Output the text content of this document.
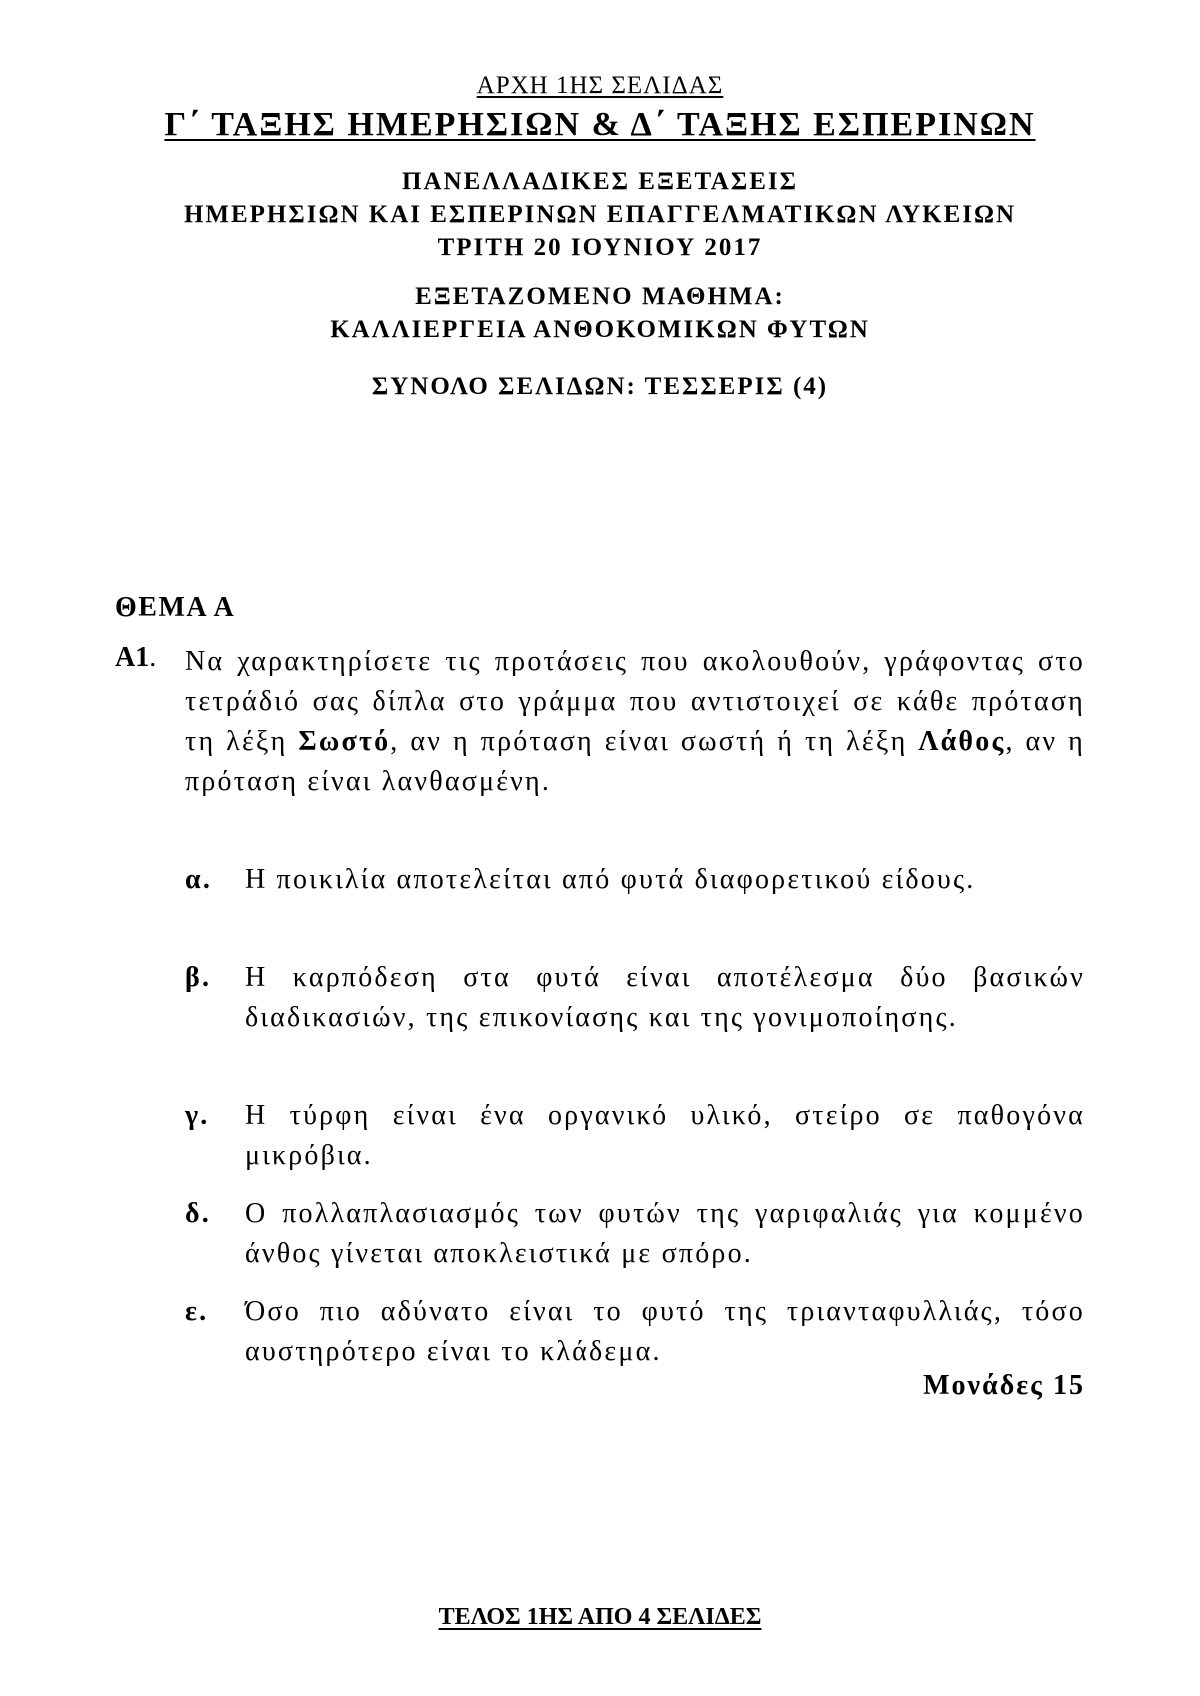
ΑΡΧΗ 1ΗΣ ΣΕΛΙΔΑΣ
Γ΄ ΤΑΞΗΣ ΗΜΕΡΗΣΙΩΝ & Δ΄ ΤΑΞΗΣ ΕΣΠΕΡΙΝΩΝ
ΠΑΝΕΛΛΑΔΙΚΕΣ ΕΞΕΤΑΣΕΙΣ
ΗΜΕΡΗΣΙΩΝ ΚΑΙ ΕΣΠΕΡΙΝΩΝ ΕΠΑΓΓΕΛΜΑΤΙΚΩΝ ΛΥΚΕΙΩΝ
ΤΡΙΤΗ 20 ΙΟΥΝΙΟΥ 2017
ΕΞΕΤΑΖΟΜΕΝΟ ΜΑΘΗΜΑ:
ΚΑΛΛΙΕΡΓΕΙΑ ΑΝΘΟΚΟΜΙΚΩΝ ΦΥΤΩΝ
ΣΥΝΟΛΟ ΣΕΛΙΔΩΝ: ΤΕΣΣΕΡΙΣ (4)
ΘΕΜΑ Α
Α1. Να χαρακτηρίσετε τις προτάσεις που ακολουθούν, γράφοντας στο τετράδιό σας δίπλα στο γράμμα που αντιστοιχεί σε κάθε πρόταση τη λέξη Σωστό, αν η πρόταση είναι σωστή ή τη λέξη Λάθος, αν η πρόταση είναι λανθασμένη.
α. Η ποικιλία αποτελείται από φυτά διαφορετικού είδους.
β. Η καρπόδεση στα φυτά είναι αποτέλεσμα δύο βασικών διαδικασιών, της επικονίασης και της γονιμοποίησης.
γ. Η τύρφη είναι ένα οργανικό υλικό, στείρο σε παθογόνα μικρόβια.
δ. Ο πολλαπλασιασμός των φυτών της γαριφαλιάς για κομμένο άνθος γίνεται αποκλειστικά με σπόρο.
ε. Όσο πιο αδύνατο είναι το φυτό της τριανταφυλλιάς, τόσο αυστηρότερο είναι το κλάδεμα.
Μονάδες 15
ΤΕΛΟΣ 1ΗΣ ΑΠΟ 4 ΣΕΛΙΔΕΣ
